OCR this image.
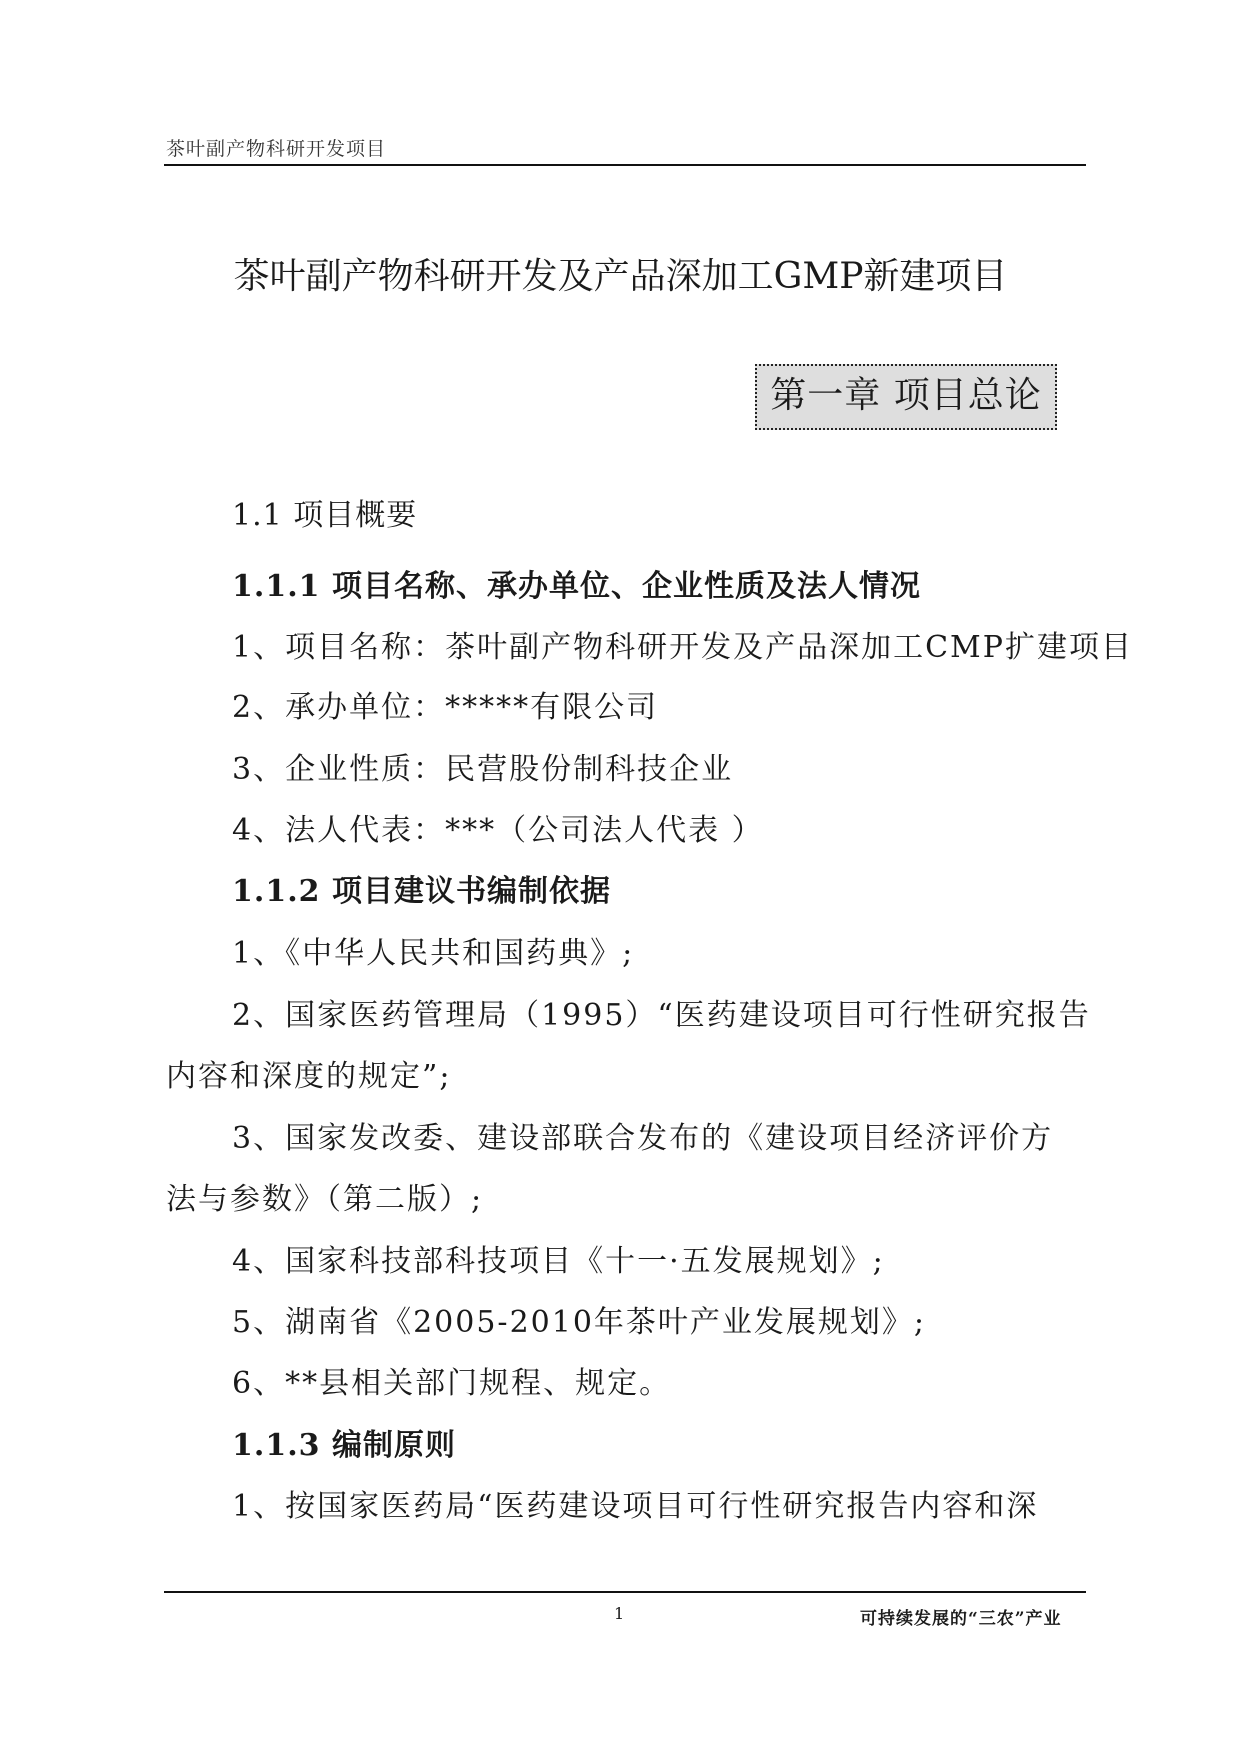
茶叶副产物科研开发项目
茶叶副产物科研开发及产品深加工GMP新建项目
第一章 项目总论
1.1 项目概要
1.1.1 项目名称、承办单位、企业性质及法人情况
1、项目名称：茶叶副产物科研开发及产品深加工CMP扩建项目
2、承办单位：*****有限公司
3、企业性质：民营股份制科技企业
4、法人代表：***（公司法人代表 ）
1.1.2 项目建议书编制依据
1、《中华人民共和国药典》;
2、国家医药管理局（1995）“医药建设项目可行性研究报告
内容和深度的规定”;
3、国家发改委、建设部联合发布的《建设项目经济评价方
法与参数》（第二版）;
4、国家科技部科技项目《十一·五发展规划》;
5、湖南省《2005-2010年茶叶产业发展规划》;
6、**县相关部门规程、规定。
1.1.3 编制原则
1、按国家医药局“医药建设项目可行性研究报告内容和深
1	可持续发展的“三农”产业
